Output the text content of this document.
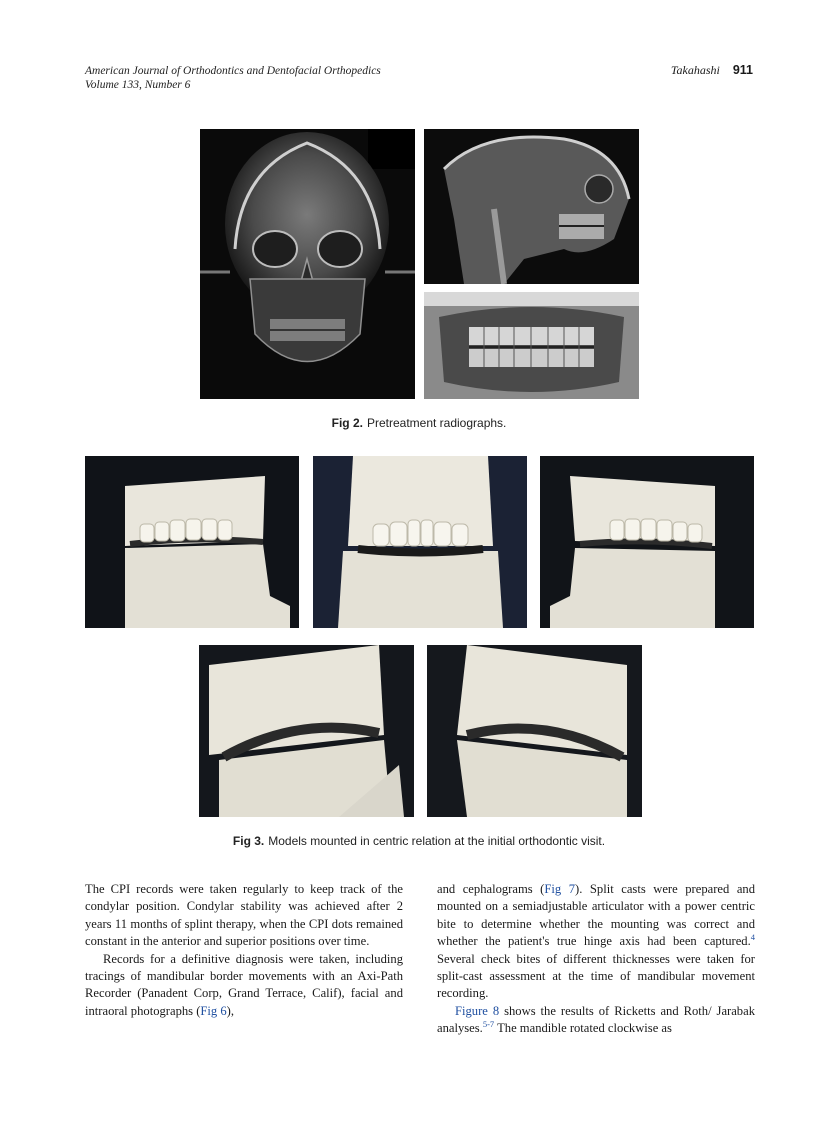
American Journal of Orthodontics and Dentofacial Orthopedics
Volume 133, Number 6
Takahashi 911
Fig 2. Pretreatment radiographs.
Fig 3. Models mounted in centric relation at the initial orthodontic visit.

The CPI records were taken regularly to keep track of the condylar position. Condylar stability was achieved after 2 years 11 months of splint therapy, when the CPI dots remained constant in the anterior and superior positions over time.

Records for a definitive diagnosis were taken, including tracings of mandibular border movements with an Axi-Path Recorder (Panadent Corp, Grand Terrace, Calif), facial and intraoral photographs (Fig 6),

and cephalograms (Fig 7). Split casts were prepared and mounted on a semiadjustable articulator with a power centric bite to determine whether the mounting was correct and whether the patient's true hinge axis had been captured.$^4$ Several check bites of different thicknesses were taken for split-cast assessment at the time of mandibular movement recording.

Figure 8 shows the results of Ricketts and Roth/ Jarabak analyses.$^{5-7}$ The mandible rotated clockwise as
